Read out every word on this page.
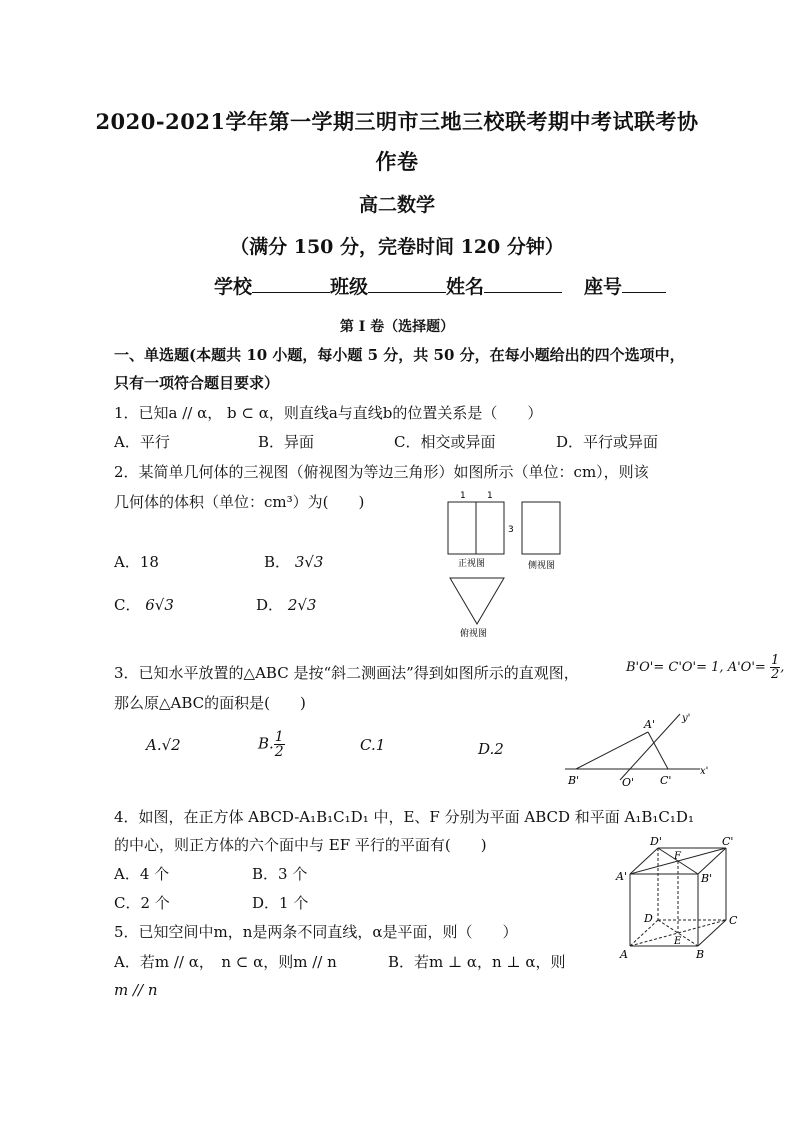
2020-2021学年第一学期三明市三地三校联考期中考试联考协
作卷
高二数学
（满分 150 分，完卷时间 120 分钟）
学校	班级	姓名	座号
第 I 卷（选择题）
一、单选题(本题共 10 小题，每小题 5 分，共 50 分，在每小题给出的四个选项中，
只有一项符合题目要求）
1．已知a // α， b ⊂ α，则直线a与直线b的位置关系是（　　）
A．平行	B．异面	C．相交或异面	D．平行或异面
2．某简单几何体的三视图（俯视图为等边三角形）如图所示（单位：cm），则该
几何体的体积（单位：cm³）为(　　)
A．18	B． 3√3
C． 6√3	D． 2√3
1 1
3
正视图	侧视图
俯视图
3．已知水平放置的△ABC 是按“斜二测画法”得到如图所示的直观图，	B'O'= C'O'= 1, $A'O'= \frac{1}{2}$ ,
那么原△ABC的面积是(　　)
A.√2	B. $\frac{1}{2}$	C.1	D.2
A'
B'	O' C'
x'
y'
4．如图，在正方体 ABCD-A₁B₁C₁D₁ 中，E、F 分别为平面 ABCD 和平面 A₁B₁C₁D₁
的中心，则正方体的六个面中与 EF 平行的平面有(　　)
A．4 个	B．3 个
C．2 个	D．1 个
D'	C'
A'	B'
F
D	C
A	B
E
5．已知空间中m，n是两条不同直线，α是平面，则（　　）
A．若m // α，　n ⊂ α，则m // n	B．若m ⊥ α，n ⊥ α，则
m // n
